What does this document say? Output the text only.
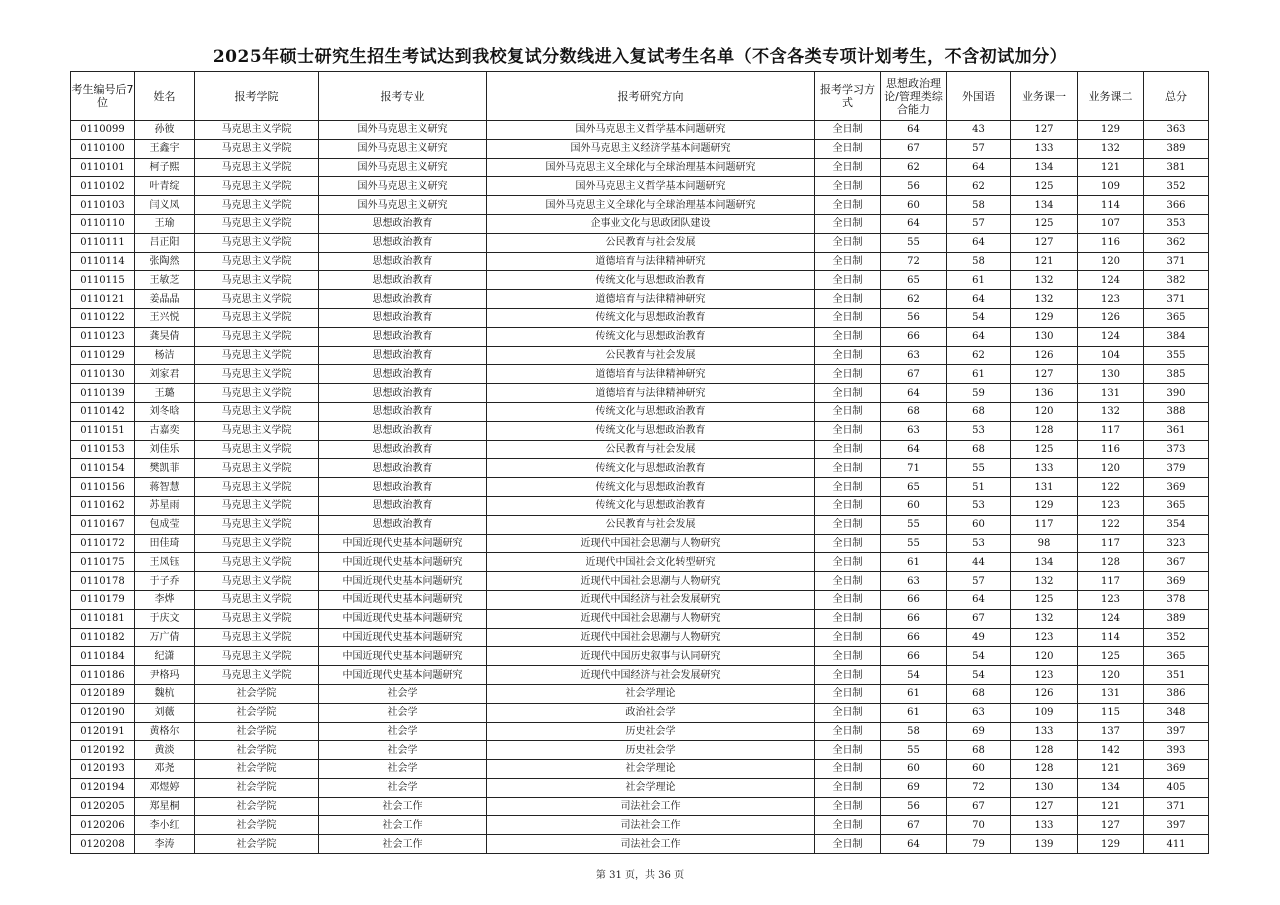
2025年硕士研究生招生考试达到我校复试分数线进入复试考生名单（不含各类专项计划考生，不含初试加分）
考生编号后7位	姓名	报考学院	报考专业	报考研究方向	报考学习方式	思想政治理论/管理类综合能力	外国语	业务课一	业务课二	总分
0110099	孙彼	马克思主义学院	国外马克思主义研究	国外马克思主义哲学基本问题研究	全日制	64	43	127	129	363
0110100	王鑫宇	马克思主义学院	国外马克思主义研究	国外马克思主义经济学基本问题研究	全日制	67	57	133	132	389
0110101	柯子熙	马克思主义学院	国外马克思主义研究	国外马克思主义全球化与全球治理基本问题研究	全日制	62	64	134	121	381
0110102	叶青绽	马克思主义学院	国外马克思主义研究	国外马克思主义哲学基本问题研究	全日制	56	62	125	109	352
0110103	闫义凤	马克思主义学院	国外马克思主义研究	国外马克思主义全球化与全球治理基本问题研究	全日制	60	58	134	114	366
0110110	王瑜	马克思主义学院	思想政治教育	企事业文化与思政团队建设	全日制	64	57	125	107	353
0110111	吕正阳	马克思主义学院	思想政治教育	公民教育与社会发展	全日制	55	64	127	116	362
0110114	张陶然	马克思主义学院	思想政治教育	道德培育与法律精神研究	全日制	72	58	121	120	371
0110115	王敏芝	马克思主义学院	思想政治教育	传统文化与思想政治教育	全日制	65	61	132	124	382
0110121	姜晶晶	马克思主义学院	思想政治教育	道德培育与法律精神研究	全日制	62	64	132	123	371
0110122	王兴悦	马克思主义学院	思想政治教育	传统文化与思想政治教育	全日制	56	54	129	126	365
0110123	龚昊倩	马克思主义学院	思想政治教育	传统文化与思想政治教育	全日制	66	64	130	124	384
0110129	杨洁	马克思主义学院	思想政治教育	公民教育与社会发展	全日制	63	62	126	104	355
0110130	刘家君	马克思主义学院	思想政治教育	道德培育与法律精神研究	全日制	67	61	127	130	385
0110139	王璐	马克思主义学院	思想政治教育	道德培育与法律精神研究	全日制	64	59	136	131	390
0110142	刘冬晗	马克思主义学院	思想政治教育	传统文化与思想政治教育	全日制	68	68	120	132	388
0110151	古嘉奕	马克思主义学院	思想政治教育	传统文化与思想政治教育	全日制	63	53	128	117	361
0110153	刘佳乐	马克思主义学院	思想政治教育	公民教育与社会发展	全日制	64	68	125	116	373
0110154	樊凯菲	马克思主义学院	思想政治教育	传统文化与思想政治教育	全日制	71	55	133	120	379
0110156	蒋智慧	马克思主义学院	思想政治教育	传统文化与思想政治教育	全日制	65	51	131	122	369
0110162	苏星雨	马克思主义学院	思想政治教育	传统文化与思想政治教育	全日制	60	53	129	123	365
0110167	包成莹	马克思主义学院	思想政治教育	公民教育与社会发展	全日制	55	60	117	122	354
0110172	田佳琦	马克思主义学院	中国近现代史基本问题研究	近现代中国社会思潮与人物研究	全日制	55	53	98	117	323
0110175	王凤钰	马克思主义学院	中国近现代史基本问题研究	近现代中国社会文化转型研究	全日制	61	44	134	128	367
0110178	于子乔	马克思主义学院	中国近现代史基本问题研究	近现代中国社会思潮与人物研究	全日制	63	57	132	117	369
0110179	李烨	马克思主义学院	中国近现代史基本问题研究	近现代中国经济与社会发展研究	全日制	66	64	125	123	378
0110181	于庆文	马克思主义学院	中国近现代史基本问题研究	近现代中国社会思潮与人物研究	全日制	66	67	132	124	389
0110182	万广倩	马克思主义学院	中国近现代史基本问题研究	近现代中国社会思潮与人物研究	全日制	66	49	123	114	352
0110184	纪潇	马克思主义学院	中国近现代史基本问题研究	近现代中国历史叙事与认同研究	全日制	66	54	120	125	365
0110186	尹格玛	马克思主义学院	中国近现代史基本问题研究	近现代中国经济与社会发展研究	全日制	54	54	123	120	351
0120189	魏杭	社会学院	社会学	社会学理论	全日制	61	68	126	131	386
0120190	刘薇	社会学院	社会学	政治社会学	全日制	61	63	109	115	348
0120191	黄格尔	社会学院	社会学	历史社会学	全日制	58	69	133	137	397
0120192	黄淡	社会学院	社会学	历史社会学	全日制	55	68	128	142	393
0120193	邓尧	社会学院	社会学	社会学理论	全日制	60	60	128	121	369
0120194	邓煜婷	社会学院	社会学	社会学理论	全日制	69	72	130	134	405
0120205	郑星桐	社会学院	社会工作	司法社会工作	全日制	56	67	127	121	371
0120206	李小红	社会学院	社会工作	司法社会工作	全日制	67	70	133	127	397
0120208	李涛	社会学院	社会工作	司法社会工作	全日制	64	79	139	129	411
第 31 页，共 36 页
